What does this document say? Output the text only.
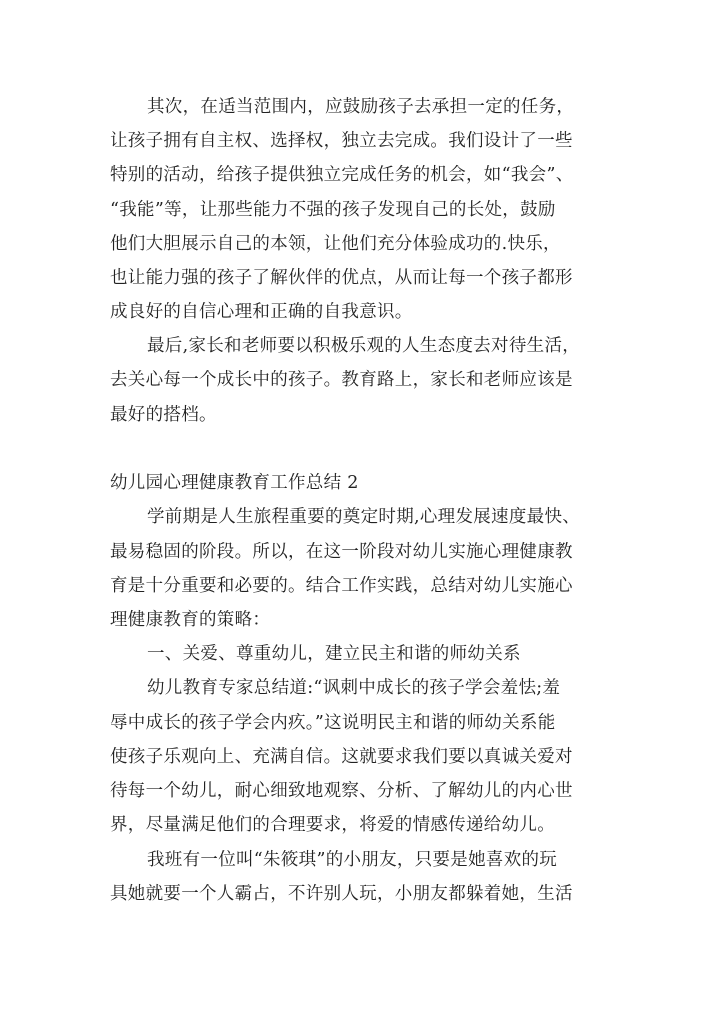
其次，在适当范围内，应鼓励孩子去承担一定的任务，
让孩子拥有自主权、选择权，独立去完成。我们设计了一些
特别的活动，给孩子提供独立完成任务的机会，如“我会”、
“我能”等，让那些能力不强的孩子发现自己的长处，鼓励
他们大胆展示自己的本领，让他们充分体验成功的.快乐，
也让能力强的孩子了解伙伴的优点，从而让每一个孩子都形
成良好的自信心理和正确的自我意识。
最后,家长和老师要以积极乐观的人生态度去对待生活，
去关心每一个成长中的孩子。教育路上，家长和老师应该是
最好的搭档。
幼儿园心理健康教育工作总结 2
学前期是人生旅程重要的奠定时期,心理发展速度最快、
最易稳固的阶段。所以，在这一阶段对幼儿实施心理健康教
育是十分重要和必要的。结合工作实践，总结对幼儿实施心
理健康教育的策略：
一、关爱、尊重幼儿，建立民主和谐的师幼关系
幼儿教育专家总结道:“讽刺中成长的孩子学会羞怯;羞
辱中成长的孩子学会内疚。”这说明民主和谐的师幼关系能
使孩子乐观向上、充满自信。这就要求我们要以真诚关爱对
待每一个幼儿，耐心细致地观察、分析、了解幼儿的内心世
界，尽量满足他们的合理要求，将爱的情感传递给幼儿。
我班有一位叫“朱筱琪”的小朋友，只要是她喜欢的玩
具她就要一个人霸占，不许别人玩，小朋友都躲着她，生活
